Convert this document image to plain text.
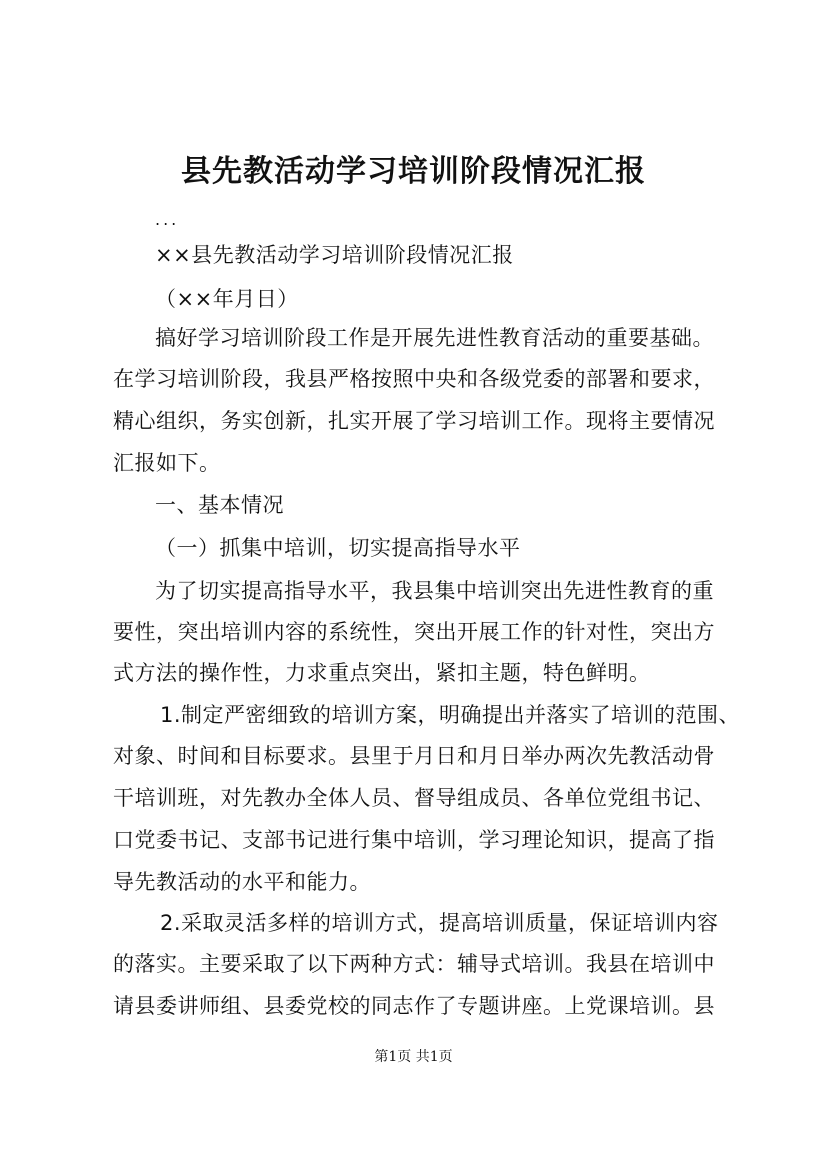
县先教活动学习培训阶段情况汇报
...
××县先教活动学习培训阶段情况汇报
（××年月日）
搞好学习培训阶段工作是开展先进性教育活动的重要基础。
在学习培训阶段，我县严格按照中央和各级党委的部署和要求，
精心组织，务实创新，扎实开展了学习培训工作。现将主要情况
汇报如下。
一、基本情况
（一）抓集中培训，切实提高指导水平
为了切实提高指导水平，我县集中培训突出先进性教育的重
要性，突出培训内容的系统性，突出开展工作的针对性，突出方
式方法的操作性，力求重点突出，紧扣主题，特色鲜明。
1.制定严密细致的培训方案，明确提出并落实了培训的范围、
对象、时间和目标要求。县里于月日和月日举办两次先教活动骨
干培训班，对先教办全体人员、督导组成员、各单位党组书记、
口党委书记、支部书记进行集中培训，学习理论知识，提高了指
导先教活动的水平和能力。
2.采取灵活多样的培训方式，提高培训质量，保证培训内容
的落实。主要采取了以下两种方式：辅导式培训。我县在培训中
请县委讲师组、县委党校的同志作了专题讲座。上党课培训。县
第1页 共1页
